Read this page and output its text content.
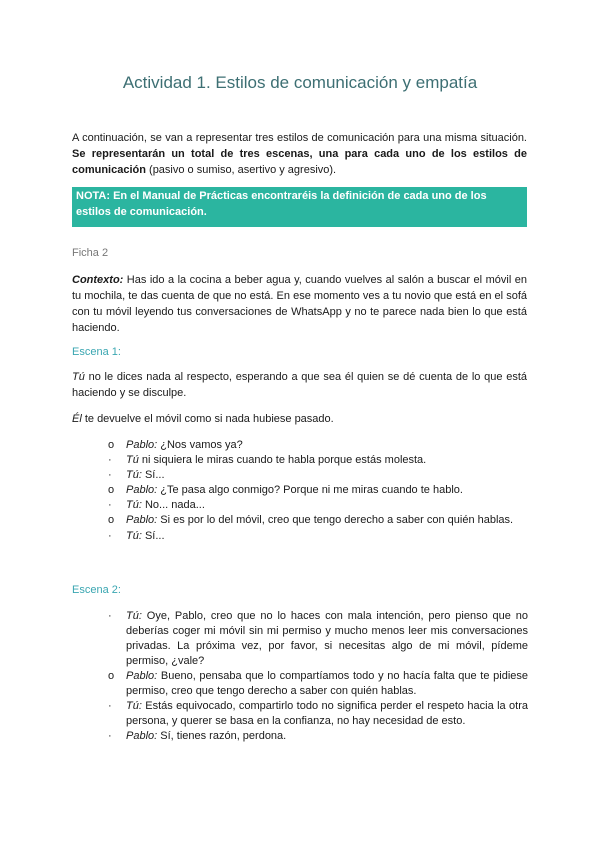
Actividad 1. Estilos de comunicación y empatía
A continuación, se van a representar tres estilos de comunicación para una misma situación. Se representarán un total de tres escenas, una para cada uno de los estilos de comunicación (pasivo o sumiso, asertivo y agresivo).
NOTA: En el Manual de Prácticas encontraréis la definición de cada uno de los estilos de comunicación.
Ficha 2
Contexto: Has ido a la cocina a beber agua y, cuando vuelves al salón a buscar el móvil en tu mochila, te das cuenta de que no está. En ese momento ves a tu novio que está en el sofá con tu móvil leyendo tus conversaciones de WhatsApp y no te parece nada bien lo que está haciendo.
Escena 1:
Tú no le dices nada al respecto, esperando a que sea él quien se dé cuenta de lo que está haciendo y se disculpe.
Él te devuelve el móvil como si nada hubiese pasado.
o	Pablo: ¿Nos vamos ya?
·	Tú ni siquiera le miras cuando te habla porque estás molesta.
·	Tú: Sí...
o	Pablo: ¿Te pasa algo conmigo? Porque ni me miras cuando te hablo.
·	Tú: No... nada...
o	Pablo: Si es por lo del móvil, creo que tengo derecho a saber con quién hablas.
·	Tú: Sí...
Escena 2:
·	Tú: Oye, Pablo, creo que no lo haces con mala intención, pero pienso que no deberías coger mi móvil sin mi permiso y mucho menos leer mis conversaciones privadas. La próxima vez, por favor, si necesitas algo de mi móvil, pídeme permiso, ¿vale?
o	Pablo: Bueno, pensaba que lo compartíamos todo y no hacía falta que te pidiese permiso, creo que tengo derecho a saber con quién hablas.
·	Tú: Estás equivocado, compartirlo todo no significa perder el respeto hacia la otra persona, y querer se basa en la confianza, no hay necesidad de esto.
·	Pablo: Sí, tienes razón, perdona.
